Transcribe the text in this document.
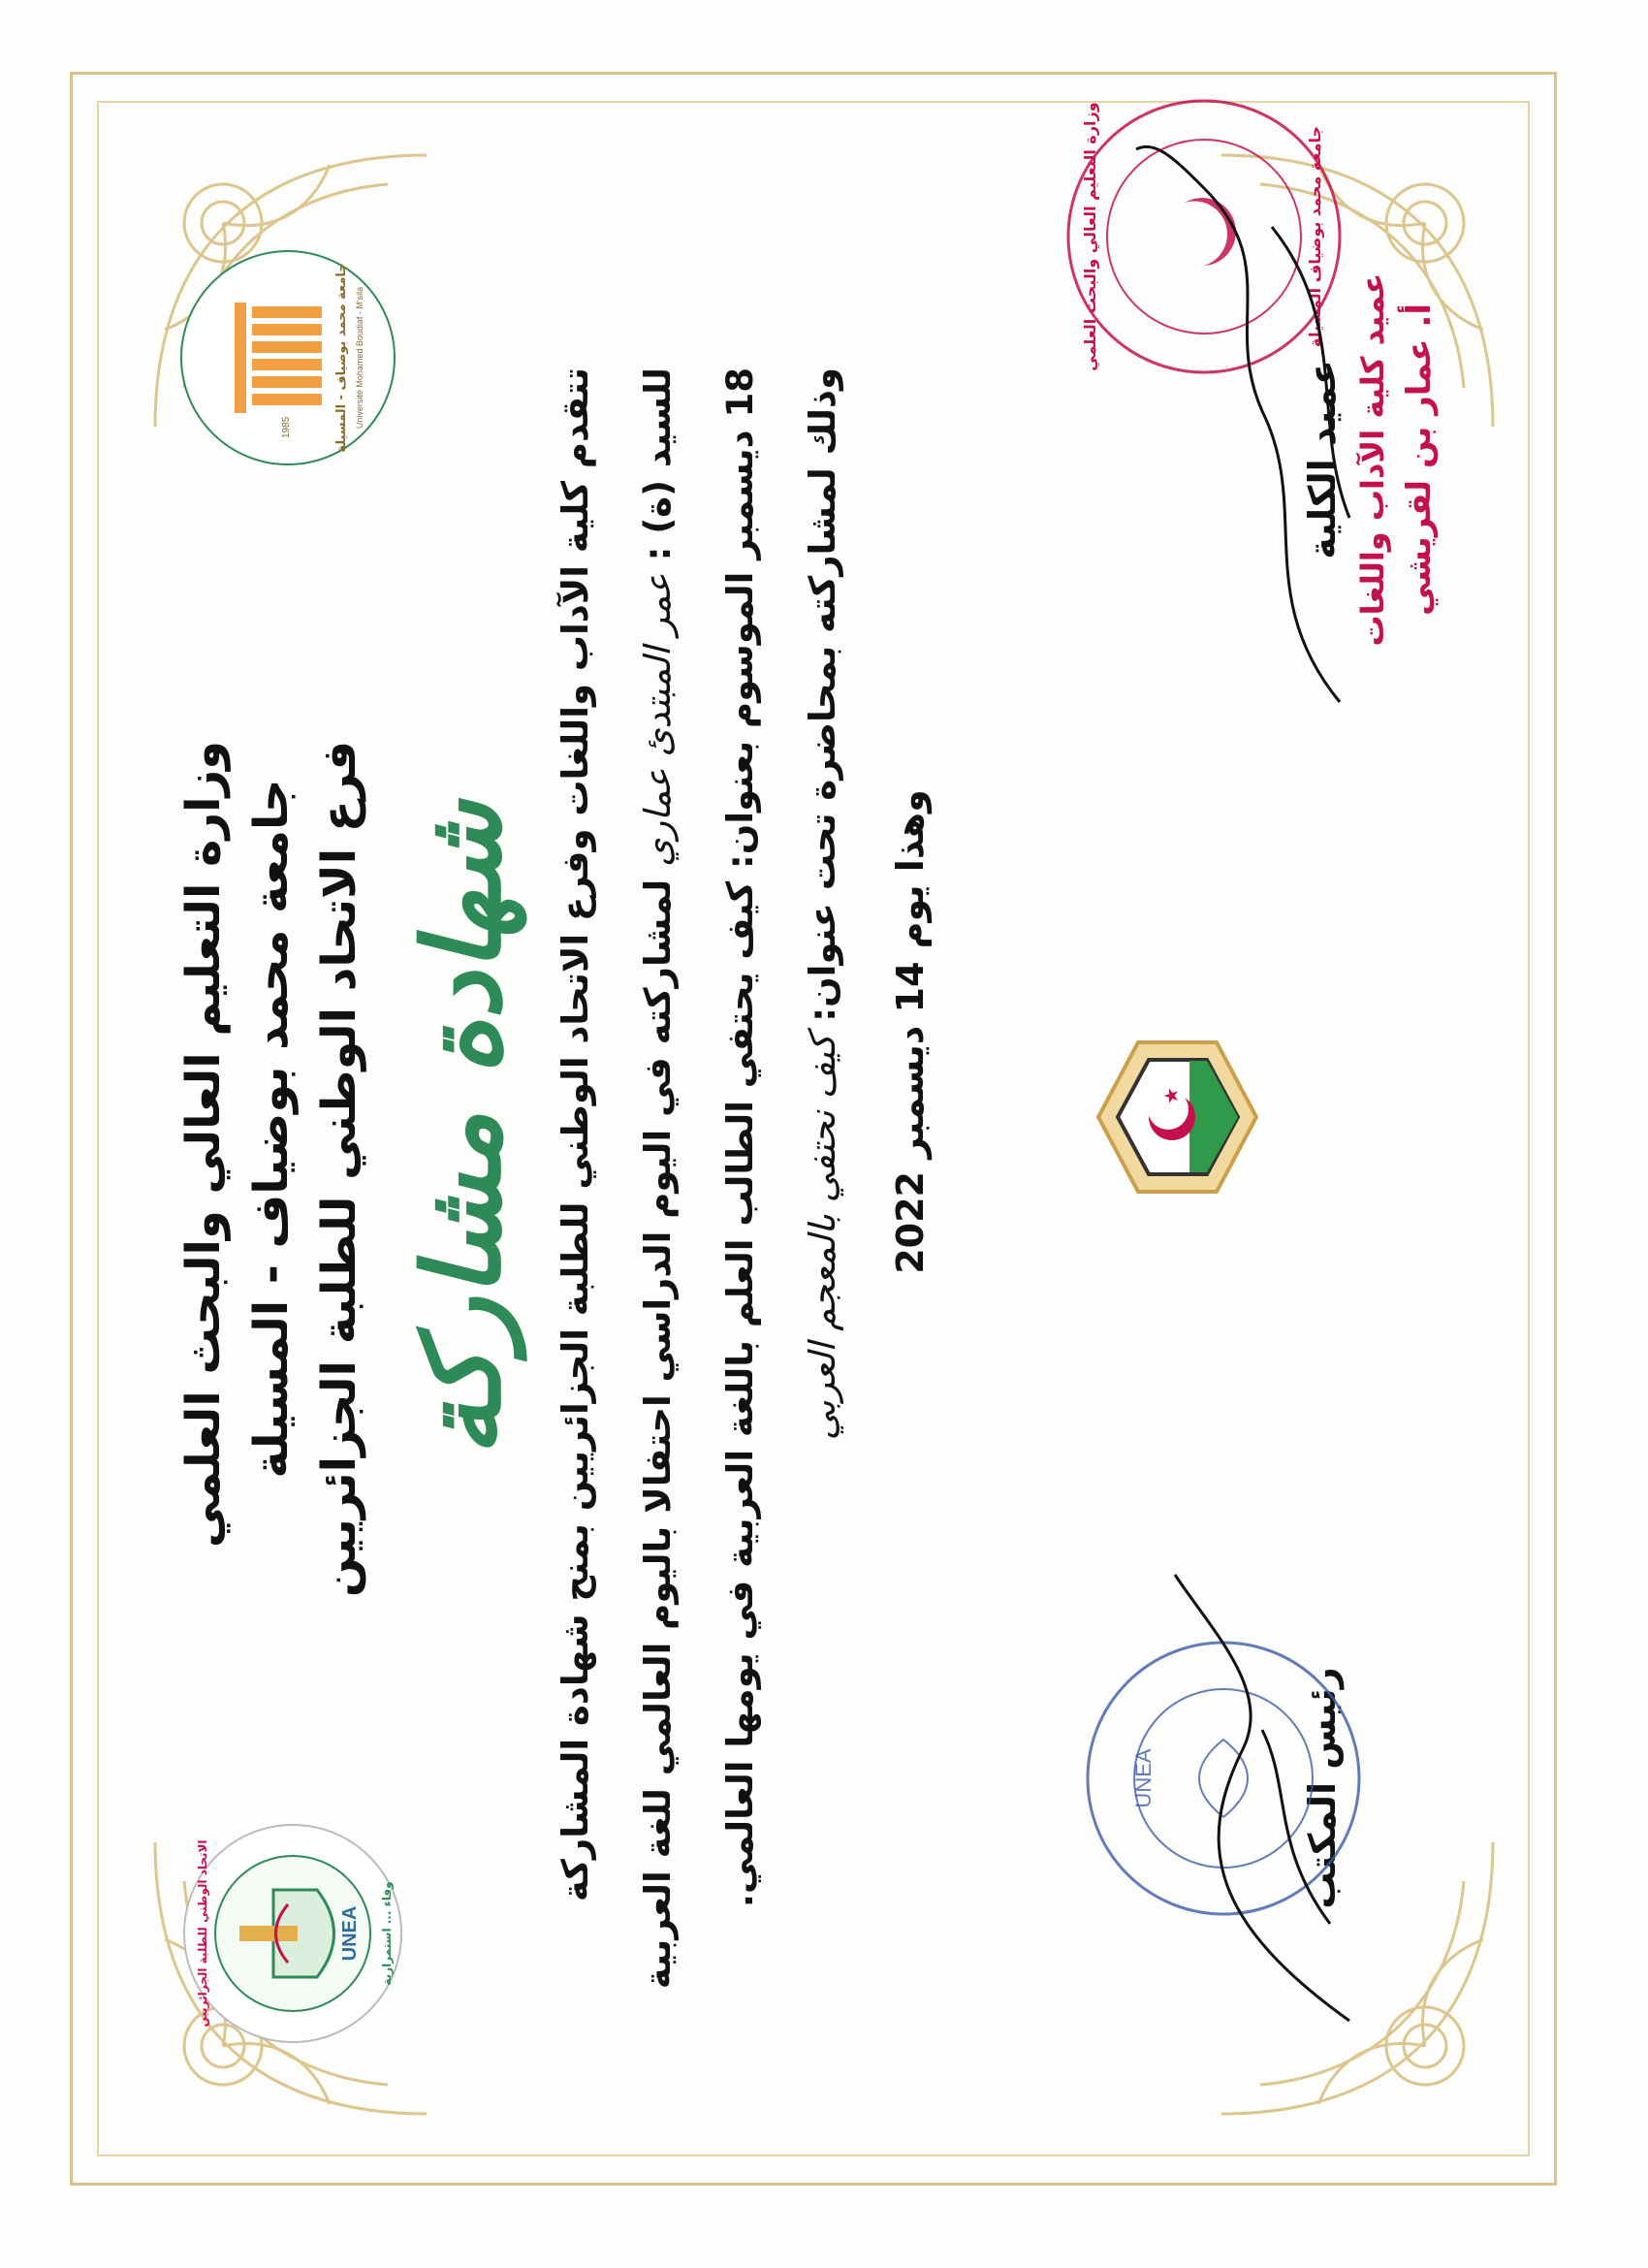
وزارة التعليم العالي والبحث العلمي جامعة محمد بوضياف - المسيلة فرع الاتحاد الوطني للطلبة الجزائريين شهادة مشاركة
UNEA
الاتحاد الوطني للطلبة الجزائريين	وفاء ... استمرارية
1985	جامعة محمد بوضياف - المسيلة Université Mohamed Boudiaf - M'sila
تتقدم كلية الآداب واللغات وفرع الاتحاد الوطني للطلبة الجزائريين بمنح شهادة المشاركة للسيد (ة) : عمر المبتدئ عماري لمشاركته في اليوم الدراسي احتفالا باليوم العالمي للغة العربية 18 ديسمبر الموسوم بعنوان: كيف يحتفي الطالب العلم باللغة العربية في يومها العالمي. وذلك لمشاركته بمحاضرة تحت عنوان: كيف نحتفي بالمعجم العربي وهذا يوم 14 ديسمبر 2022
★
رئيس المكتب
UNEA
عميد الكلية عميد كلية الآداب واللغات أ. عمار بن لقريشي
وزارة التعليم العالي والبحث العلمي	جامعة محمد بوضياف المسيلة
